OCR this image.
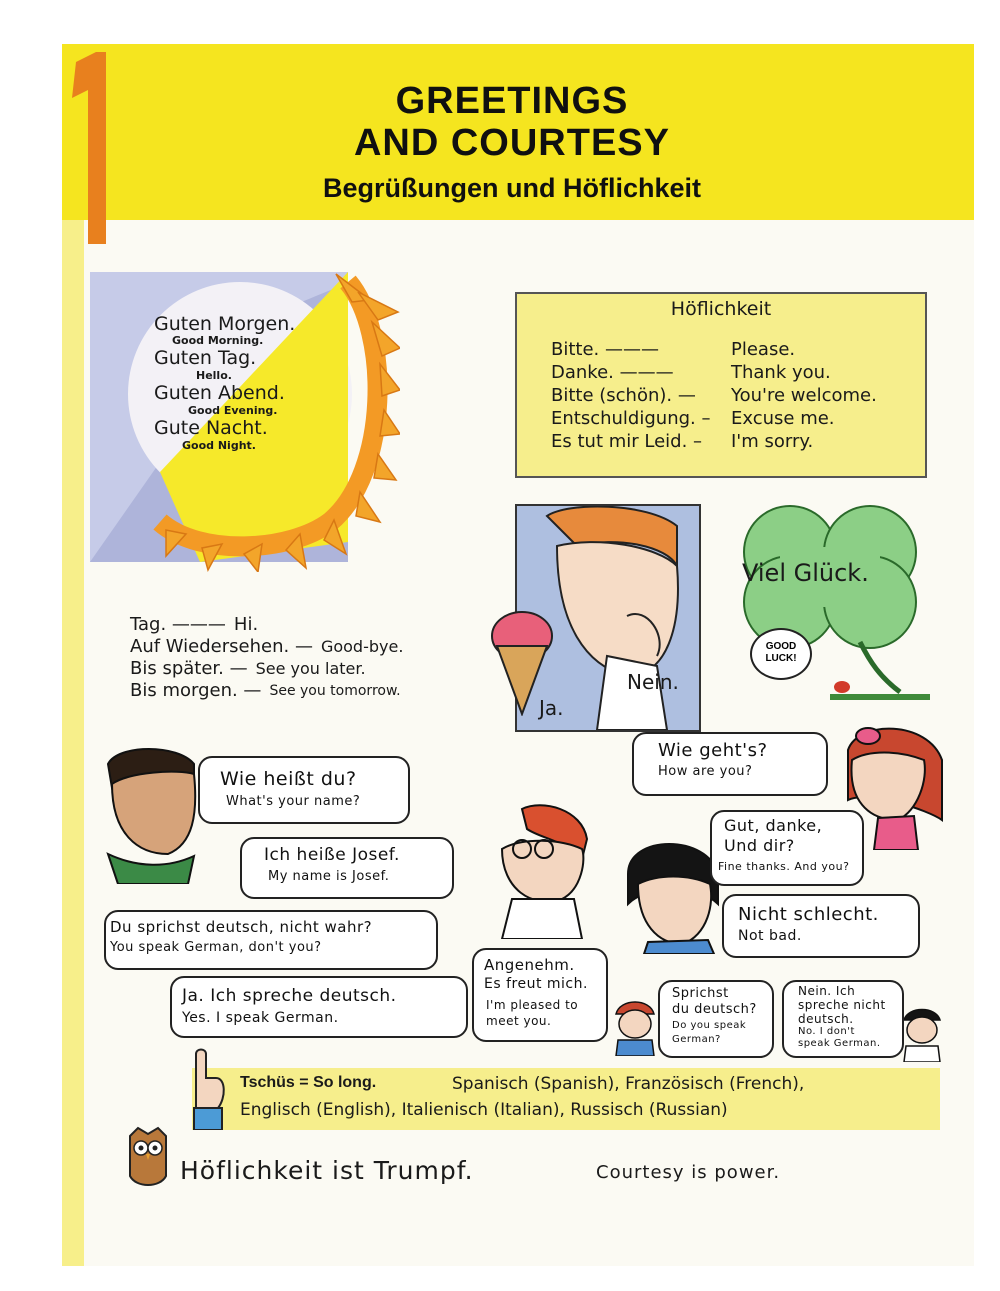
GREETINGS
AND COURTESY
Begrüßungen und Höflichkeit
Guten Morgen.
Good Morning.
Guten Tag.
Hello.
Guten Abend.
Good Evening.
Gute Nacht.
Good Night.
Höflichkeit
Bitte. ———	Please.
Danke. ———	Thank you.
Bitte (schön). —	You're welcome.
Entschuldigung. –	Excuse me.
Es tut mir Leid. –	I'm sorry.
Tag. ——— Hi.
Auf Wiedersehen. — Good-bye.
Bis später. — See you later.
Bis morgen. — See you tomorrow.
Ja.
Nein.
Viel Glück.
GOOD
LUCK!
Wie heißt du?
What's your name?
Ich heiße Josef.
My name is Josef.
Du sprichst deutsch, nicht wahr?
You speak German, don't you?
Ja. Ich spreche deutsch.
Yes. I speak German.
Angenehm.
Es freut mich.
I'm pleased to
meet you.
Wie geht's?
How are you?
Gut, danke,
Und dir?
Fine thanks. And you?
Nicht schlecht.
Not bad.
Sprichst
du deutsch?
Do you speak
German?
Nein. Ich
spreche nicht
deutsch.
No. I don't
speak German.
Tschüs = So long.	Spanisch (Spanish), Französisch (French),
Englisch (English), Italienisch (Italian), Russisch (Russian)
Höflichkeit ist Trumpf.	Courtesy is power.
